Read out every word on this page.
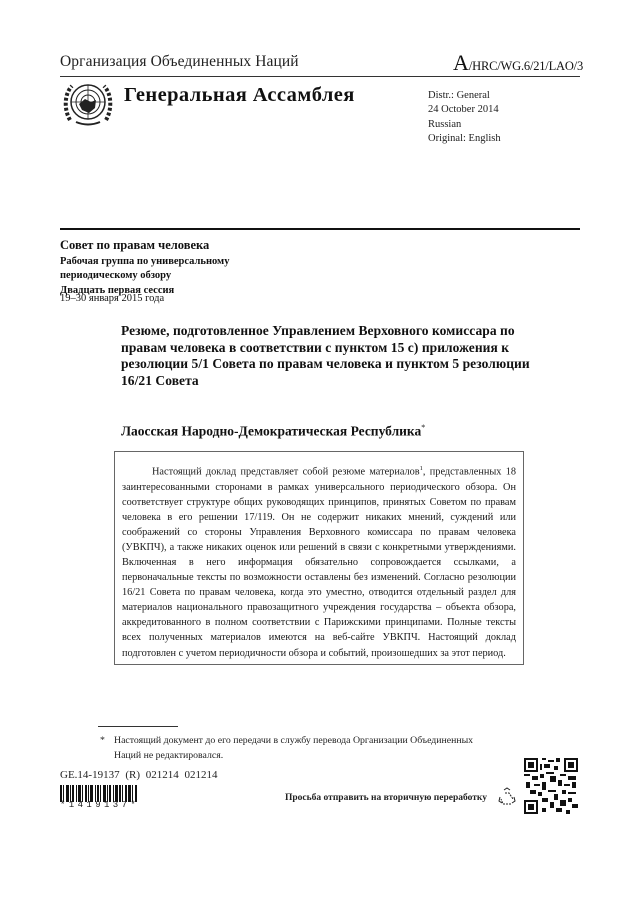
Организация Объединенных Наций	A/HRC/WG.6/21/LAO/3
Генеральная Ассамблея	Distr.: General
24 October 2014
Russian
Original: English
Совет по правам человека
Рабочая группа по универсальному
периодическому обзору
Двадцать первая сессия
19–30 января 2015 года
Резюме, подготовленное Управлением Верховного комиссара по правам человека в соответствии с пунктом 15 с) приложения к резолюции 5/1 Совета по правам человека и пунктом 5 резолюции 16/21 Совета
Лаосская Народно-Демократическая Республика*
Настоящий доклад представляет собой резюме материалов$^1$, представленных 18 заинтересованными сторонами в рамках универсального периодического обзора. Он соответствует структуре общих руководящих принципов, принятых Советом по правам человека в его решении 17/119. Он не содержит никаких мнений, суждений или соображений со стороны Управления Верховного комиссара по правам человека (УВКПЧ), а также никаких оценок или решений в связи с конкретными утверждениями. Включенная в него информация обязательно сопровождается ссылками, а первоначальные тексты по возможности оставлены без изменений. Согласно резолюции 16/21 Совета по правам человека, когда это уместно, отводится отдельный раздел для материалов национального правозащитного учреждения государства – объекта обзора, аккредитованного в полном соответствии с Парижскими принципами. Полные тексты всех полученных материалов имеются на веб-сайте УВКПЧ. Настоящий доклад подготовлен с учетом периодичности обзора и событий, произошедших за этот период.
* Настоящий документ до его передачи в службу перевода Организации Объединенных
Наций не редактировался.
GE.14-19137 (R) 021214 021214
*1419137*
Просьба отправить на вторичную переработку
